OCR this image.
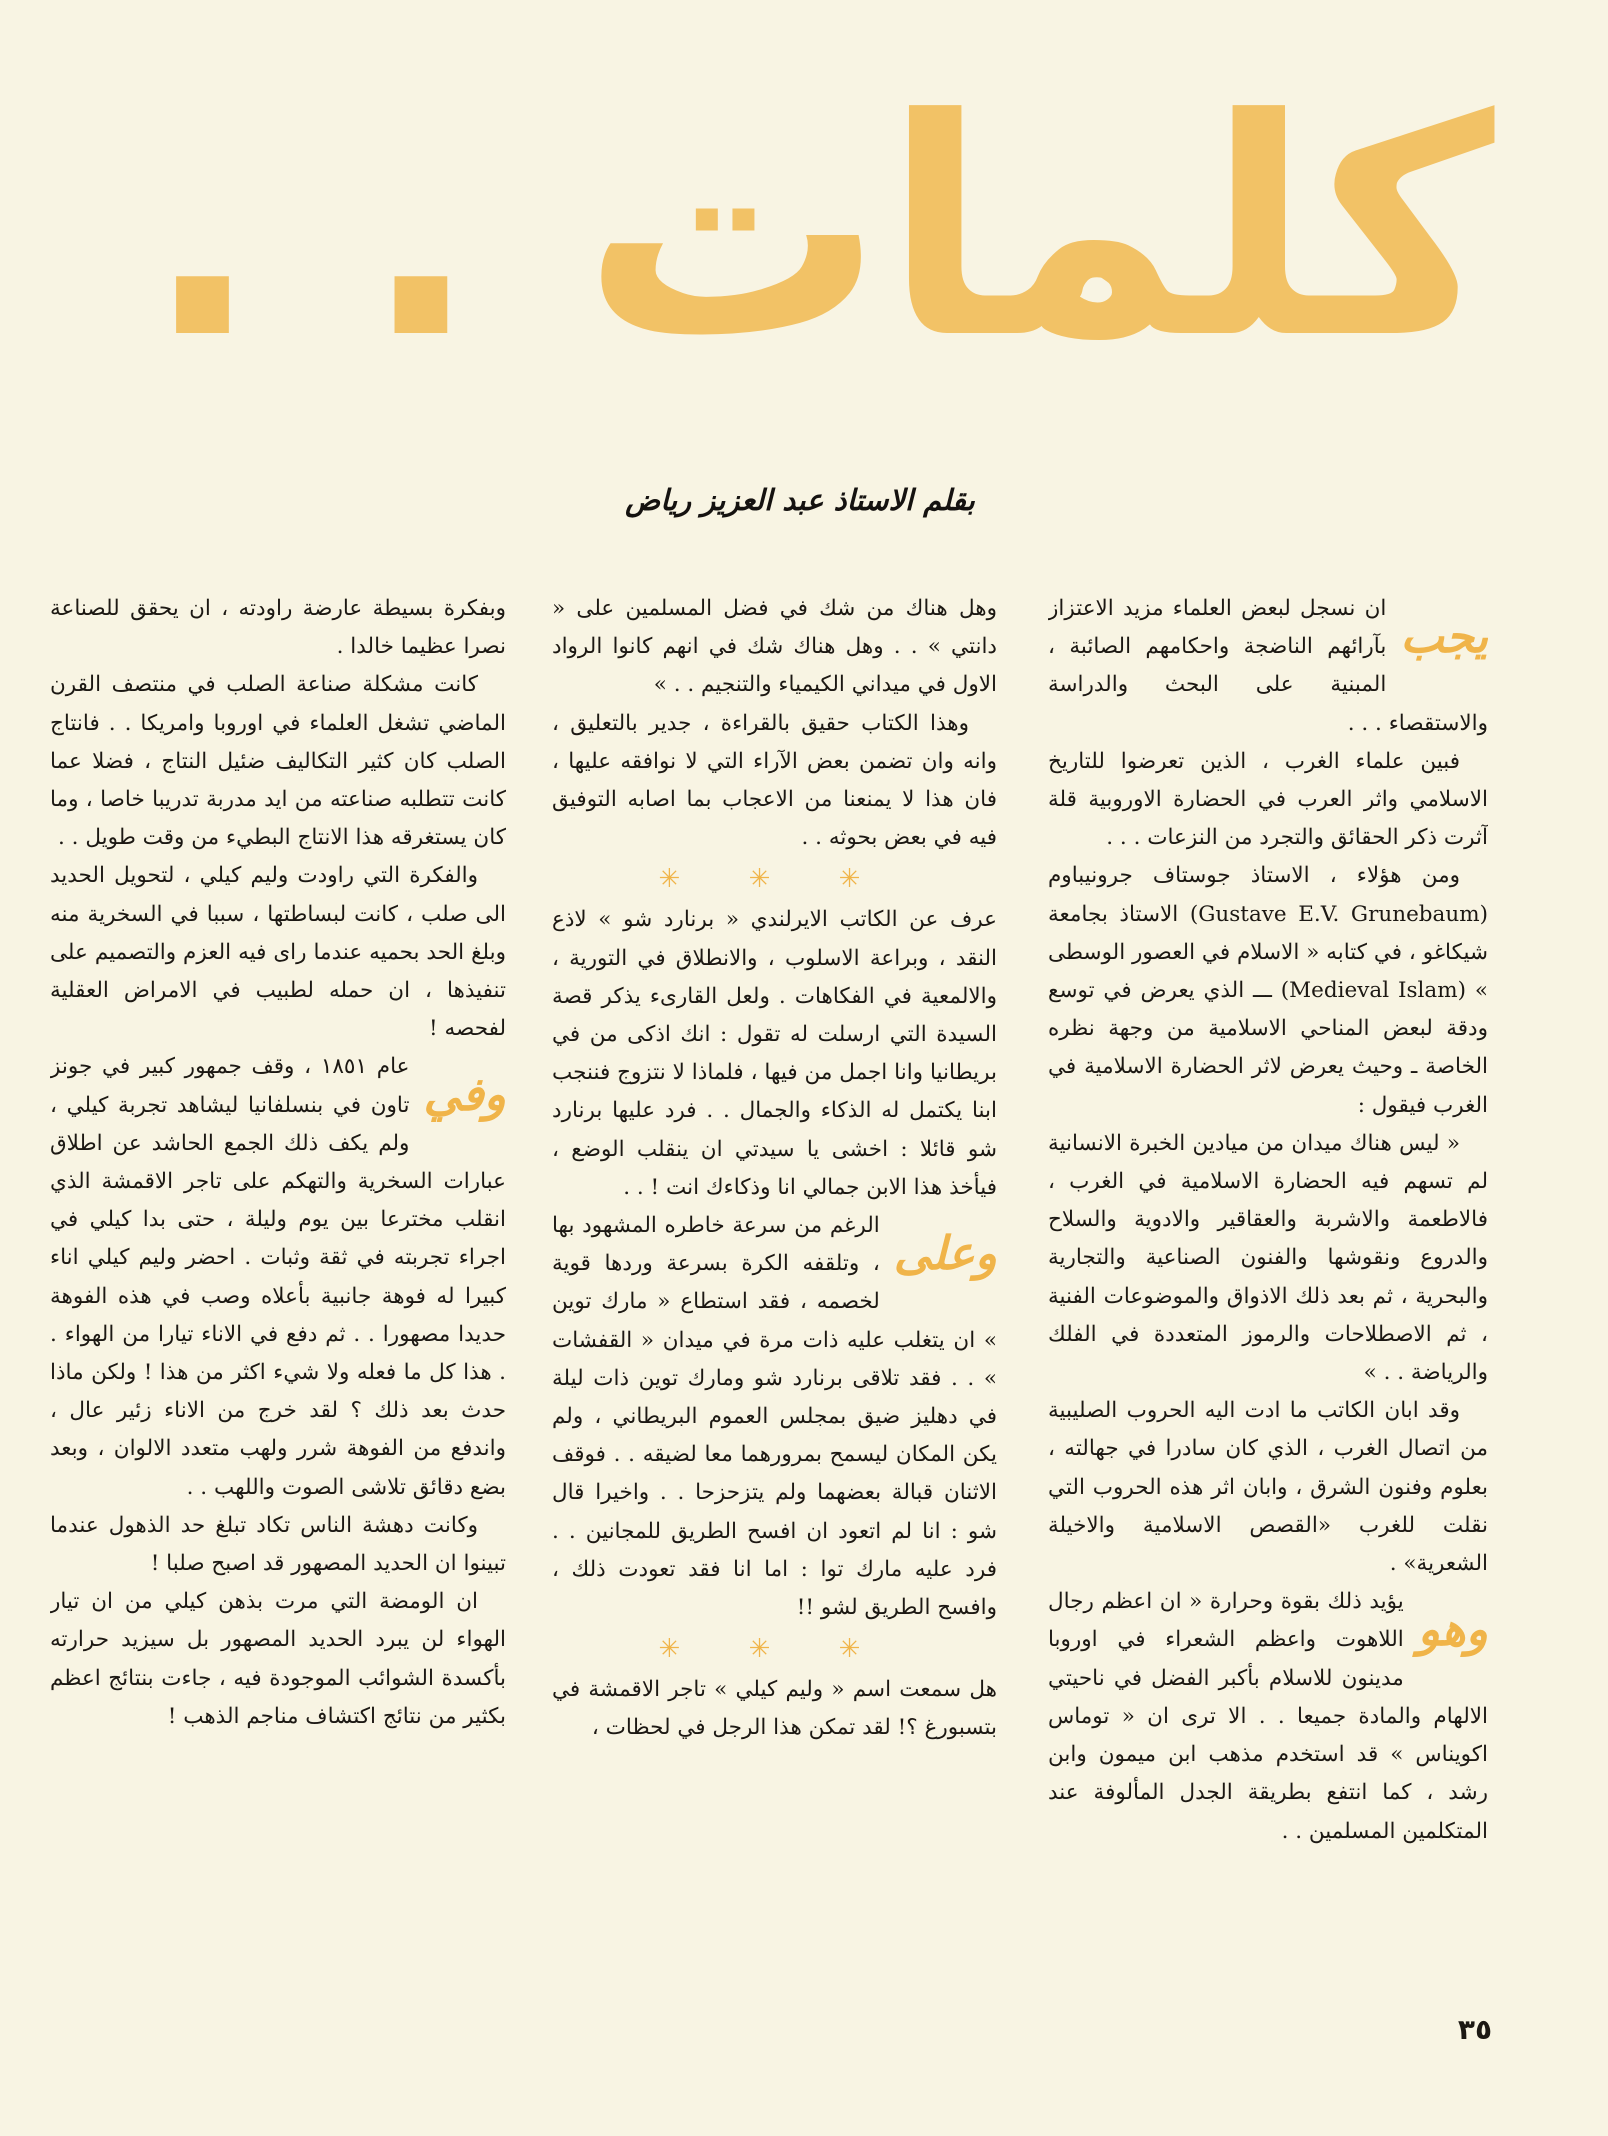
كلمات . .
بقلم الاستاذ عبد العزيز رياض

يجب
ان نسجل لبعض العلماء مزيد الاعتزاز بآرائهم الناضجة واحكامهم الصائبة ، المبنية على البحث والدراسة والاستقصاء . . .

فبين علماء الغرب ، الذين تعرضوا للتاريخ الاسلامي واثر العرب في الحضارة الاوروبية قلة آثرت ذكر الحقائق والتجرد من النزعات . . .

ومن هؤلاء ، الاستاذ جوستاف جرونيباوم (Gustave E.V. Grunebaum) الاستاذ بجامعة شيكاغو ، في كتابه « الاسلام في العصور الوسطى » (Medieval Islam) ـــ الذي يعرض في توسع ودقة لبعض المناحي الاسلامية من وجهة نظره الخاصة ـ وحيث يعرض لاثر الحضارة الاسلامية في الغرب فيقول :

« ليس هناك ميدان من ميادين الخبرة الانسانية لم تسهم فيه الحضارة الاسلامية في الغرب ، فالاطعمة والاشربة والعقاقير والادوية والسلاح والدروع ونقوشها والفنون الصناعية والتجارية والبحرية ، ثم بعد ذلك الاذواق والموضوعات الفنية ، ثم الاصطلاحات والرموز المتعددة في الفلك والرياضة . . »

وقد ابان الكاتب ما ادت اليه الحروب الصليبية من اتصال الغرب ، الذي كان سادرا في جهالته ، بعلوم وفنون الشرق ، وابان اثر هذه الحروب التي نقلت للغرب «القصص الاسلامية والاخيلة الشعرية» .

وهو
يؤيد ذلك بقوة وحرارة « ان اعظم رجال اللاهوت واعظم الشعراء في اوروبا مدينون للاسلام بأكبر الفضل في ناحيتي الالهام والمادة جميعا . . الا ترى ان « توماس اكويناس » قد استخدم مذهب ابن ميمون وابن رشد ، كما انتفع بطريقة الجدل المألوفة عند المتكلمين المسلمين . .

وهل هناك من شك في فضل المسلمين على « دانتي » . . وهل هناك شك في انهم كانوا الرواد الاول في ميداني الكيمياء والتنجيم . . »

وهذا الكتاب حقيق بالقراءة ، جدير بالتعليق ، وانه وان تضمن بعض الآراء التي لا نوافقه عليها ، فان هذا لا يمنعنا من الاعجاب بما اصابه التوفيق فيه في بعض بحوثه . .

✳ ✳ ✳

عرف عن الكاتب الايرلندي « برنارد شو » لاذع النقد ، وبراعة الاسلوب ، والانطلاق في التورية ، والالمعية في الفكاهات . ولعل القارىء يذكر قصة السيدة التي ارسلت له تقول : انك اذكى من في بريطانيا وانا اجمل من فيها ، فلماذا لا نتزوج فننجب ابنا يكتمل له الذكاء والجمال . . فرد عليها برنارد شو قائلا : اخشى يا سيدتي ان ينقلب الوضع ، فيأخذ هذا الابن جمالي انا وذكاءك انت ! . .

وعلى
الرغم من سرعة خاطره المشهود بها ، وتلقفه الكرة بسرعة وردها قوية لخصمه ، فقد استطاع « مارك توين » ان يتغلب عليه ذات مرة في ميدان « القفشات » . . فقد تلاقى برنارد شو ومارك توين ذات ليلة في دهليز ضيق بمجلس العموم البريطاني ، ولم يكن المكان ليسمح بمرورهما معا لضيقه . . فوقف الاثنان قبالة بعضهما ولم يتزحزحا . . واخيرا قال شو : انا لم اتعود ان افسح الطريق للمجانين . . فرد عليه مارك توا : اما انا فقد تعودت ذلك ، وافسح الطريق لشو !!

✳ ✳ ✳

هل سمعت اسم « وليم كيلي » تاجر الاقمشة في بتسبورغ ؟! لقد تمكن هذا الرجل في لحظات ،

وبفكرة بسيطة عارضة راودته ، ان يحقق للصناعة نصرا عظيما خالدا .

كانت مشكلة صناعة الصلب في منتصف القرن الماضي تشغل العلماء في اوروبا وامريكا . . فانتاج الصلب كان كثير التكاليف ضئيل النتاج ، فضلا عما كانت تتطلبه صناعته من ايد مدربة تدريبا خاصا ، وما كان يستغرقه هذا الانتاج البطيء من وقت طويل . .

والفكرة التي راودت وليم كيلي ، لتحويل الحديد الى صلب ، كانت لبساطتها ، سببا في السخرية منه وبلغ الحد بحميه عندما راى فيه العزم والتصميم على تنفيذها ، ان حمله لطبيب في الامراض العقلية لفحصه !

وفي
عام ١٨٥١ ، وقف جمهور كبير في جونز تاون في بنسلفانيا ليشاهد تجربة كيلي ، ولم يكف ذلك الجمع الحاشد عن اطلاق عبارات السخرية والتهكم على تاجر الاقمشة الذي انقلب مخترعا بين يوم وليلة ، حتى بدا كيلي في اجراء تجربته في ثقة وثبات . احضر وليم كيلي اناء كبيرا له فوهة جانبية بأعلاه وصب في هذه الفوهة حديدا مصهورا . . ثم دفع في الاناء تيارا من الهواء . . هذا كل ما فعله ولا شيء اكثر من هذا ! ولكن ماذا حدث بعد ذلك ؟ لقد خرج من الاناء زئير عال ، واندفع من الفوهة شرر ولهب متعدد الالوان ، وبعد بضع دقائق تلاشى الصوت واللهب . .

وكانت دهشة الناس تكاد تبلغ حد الذهول عندما تبينوا ان الحديد المصهور قد اصبح صلبا !

ان الومضة التي مرت بذهن كيلي من ان تيار الهواء لن يبرد الحديد المصهور بل سيزيد حرارته بأكسدة الشوائب الموجودة فيه ، جاءت بنتائج اعظم بكثير من نتائج اكتشاف مناجم الذهب !

٣٥
